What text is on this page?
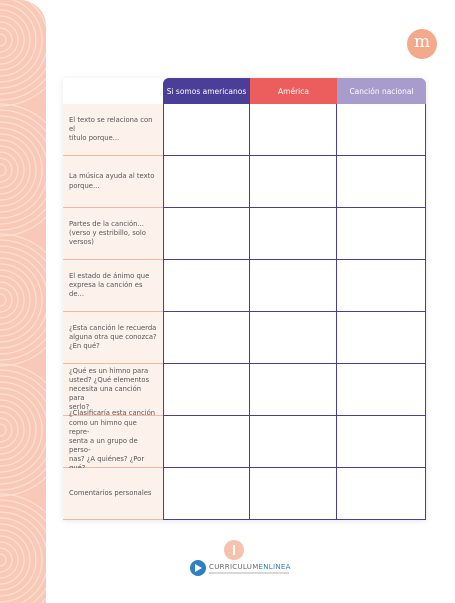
m
Si somos americanos	América	Canción nacional
El texto se relaciona con el
título porque...
La música ayuda al texto
porque...
Partes de la canción...
(verso y estribillo, solo
versos)
El estado de ánimo que
expresa la canción es de...
¿Esta canción le recuerda
alguna otra que conozca?
¿En qué?
¿Qué es un himno para
usted? ¿Qué elementos
necesita una canción para
serlo?
¿Clasificaría esta canción
como un himno que repre-
senta a un grupo de perso-
nas? ¿A quiénes? ¿Por
Comentarios personales
CURRICULUMENLINEA
